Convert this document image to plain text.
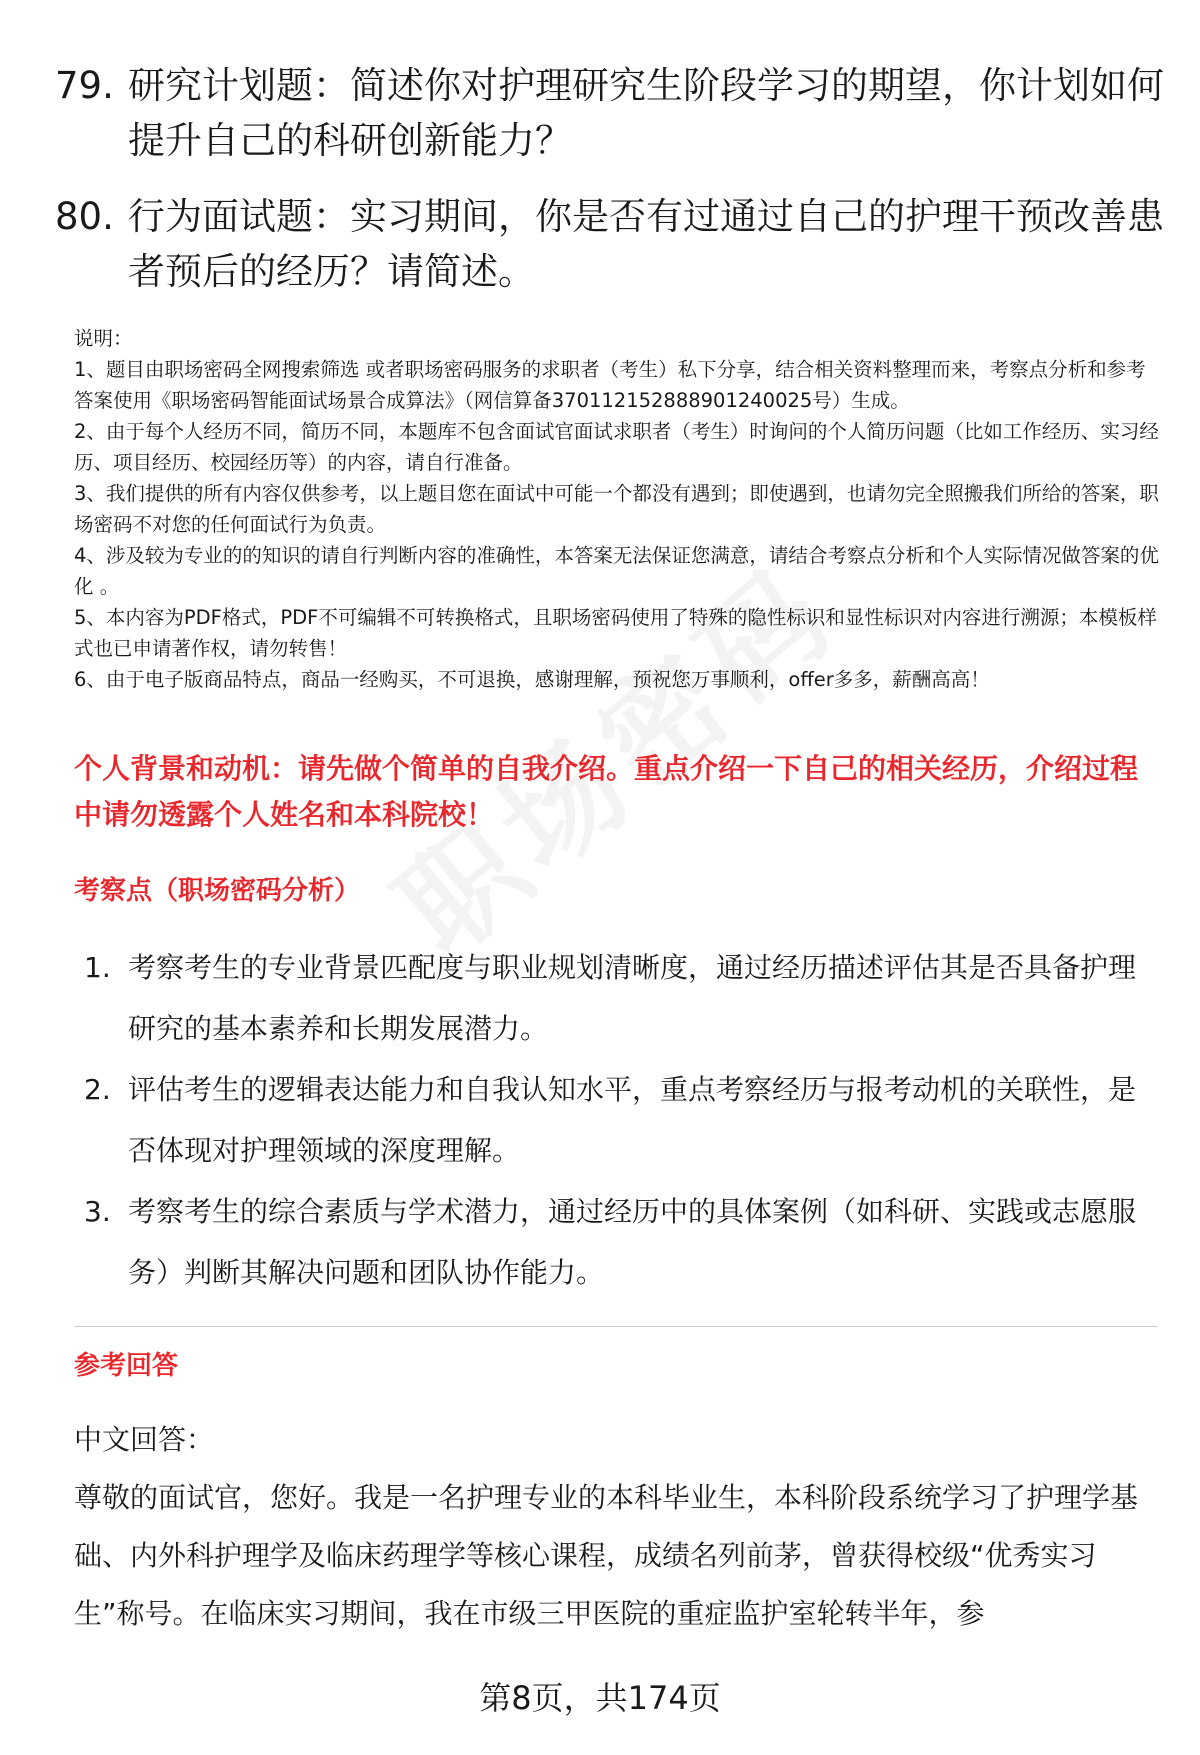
79. 研究计划题：简述你对护理研究生阶段学习的期望，你计划如何提升自己的科研创新能力？
80. 行为面试题：实习期间，你是否有过通过自己的护理干预改善患者预后的经历？请简述。

说明：

1、题目由职场密码全网搜索筛选 或者职场密码服务的求职者（考生）私下分享，结合相关资料整理而来，考察点分析和参考答案使用《职场密码智能面试场景合成算法》（网信算备370112152888901240025号）生成。

2、由于每个人经历不同，简历不同，本题库不包含面试官面试求职者（考生）时询问的个人简历问题（比如工作经历、实习经历、项目经历、校园经历等）的内容，请自行准备。

3、我们提供的所有内容仅供参考，以上题目您在面试中可能一个都没有遇到；即使遇到，也请勿完全照搬我们所给的答案，职场密码不对您的任何面试行为负责。

4、涉及较为专业的的知识的请自行判断内容的准确性，本答案无法保证您满意，请结合考察点分析和个人实际情况做答案的优化 。

5、本内容为PDF格式，PDF不可编辑不可转换格式，且职场密码使用了特殊的隐性标识和显性标识对内容进行溯源；本模板样式也已申请著作权，请勿转售！

6、由于电子版商品特点，商品一经购买，不可退换，感谢理解，预祝您万事顺利，offer多多，薪酬高高！

个人背景和动机：请先做个简单的自我介绍。重点介绍一下自己的相关经历，介绍过程中请勿透露个人姓名和本科院校！
考察点（职场密码分析）
1. 考察考生的专业背景匹配度与职业规划清晰度，通过经历描述评估其是否具备护理研究的基本素养和长期发展潜力。
2. 评估考生的逻辑表达能力和自我认知水平，重点考察经历与报考动机的关联性，是否体现对护理领域的深度理解。
3. 考察考生的综合素质与学术潜力，通过经历中的具体案例（如科研、实践或志愿服务）判断其解决问题和团队协作能力。
参考回答

中文回答：

尊敬的面试官，您好。我是一名护理专业的本科毕业生，本科阶段系统学习了护理学基础、内外科护理学及临床药理学等核心课程，成绩名列前茅，曾获得校级“优秀实习生”称号。在临床实习期间，我在市级三甲医院的重症监护室轮转半年，参

第8页，共174页
